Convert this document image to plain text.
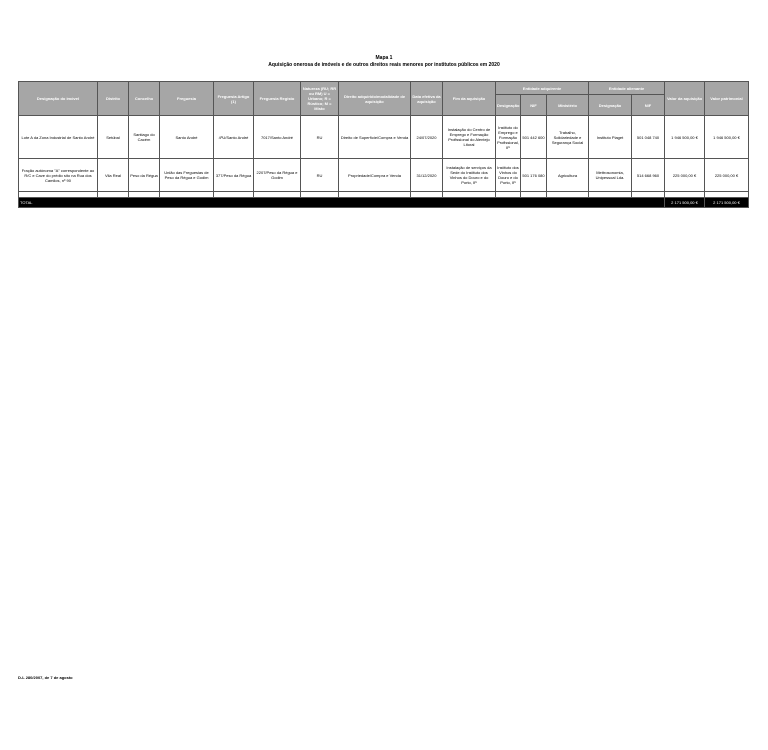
Mapa 1
Aquisição onerosa de imóveis e de outros direitos reais menores por institutos públicos em 2020
Designação do imóvel	Distrito	Concelho	Freguesia	Freguesia Artigo (1)	Freguesia Registo	Natureza (RU; RR ou RM) U = Urbano; R = Rústico; M = Misto	Direito adquirido/modalidade de aquisição	Data efetiva da aquisição	Fim da aquisição	Entidade adquirente			Entidade alienante		Valor da aquisição	Valor patrimonial
										Designação	NIF	Ministério	Designação	NIF		
Lote A da Zona Industrial de Santo André	Setúbal	Santiago do Cacém	Santo André	4ºU/Santo André	7017/Santo André	RU	Direito de Superfície/Compra e Venda	24/07/2020	Instalação do Centro de Emprego e Formação Profissional do Alentejo Litoral	Instituto do Emprego e Formação Profissional, IP	501 442 600	Trabalho, Solidariedade e Segurança Social	Instituto Piaget	501 048 740	1 946 500,00 €	1 946 500,00 €
Fração autónoma "A" correspondente ao R/C e Cave do prédio sito na Rua dos Camilos, nº 90	Vila Real	Peso da Régua	União das Freguesias de Peso da Régua e Godim	377/Peso da Régua	2207/Peso da Régua e Godim	RU	Propriedade/Compra e Venda	31/12/2020	Instalação de serviços da Sede do Instituto dos Vinhos do Douro e do Porto, IP	Instituto dos Vinhos do Douro e do Porto, IP	501 176 080	Agricultura	Mettrosonomia, Unipessoal Lda.	514 668 960	225 000,00 €	225 000,00 €

TOTAL															2 171 500,00 €	2 171 500,00 €
D-L 280/2007, de 7 de agosto
